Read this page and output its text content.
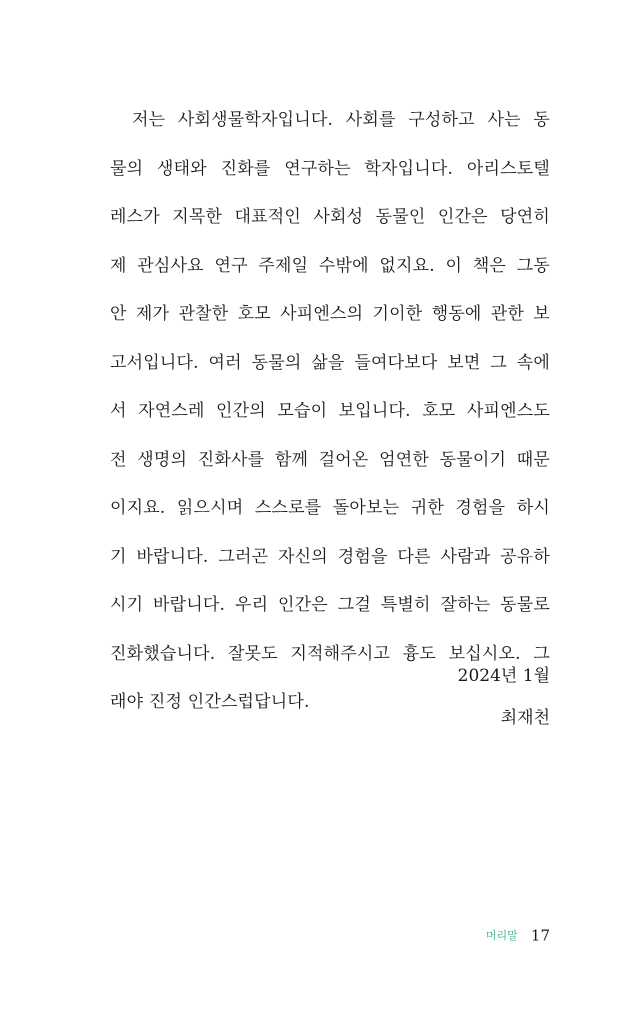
저는 사회생물학자입니다. 사회를 구성하고 사는 동
물의 생태와 진화를 연구하는 학자입니다. 아리스토텔
레스가 지목한 대표적인 사회성 동물인 인간은 당연히
제 관심사요 연구 주제일 수밖에 없지요. 이 책은 그동
안 제가 관찰한 호모 사피엔스의 기이한 행동에 관한 보
고서입니다. 여러 동물의 삶을 들여다보다 보면 그 속에
서 자연스레 인간의 모습이 보입니다. 호모 사피엔스도
전 생명의 진화사를 함께 걸어온 엄연한 동물이기 때문
이지요. 읽으시며 스스로를 돌아보는 귀한 경험을 하시
기 바랍니다. 그러곤 자신의 경험을 다른 사람과 공유하
시기 바랍니다. 우리 인간은 그걸 특별히 잘하는 동물로
진화했습니다. 잘못도 지적해주시고 흉도 보십시오. 그
래야 진정 인간스럽답니다.
2024년 1월
최재천
머리말 17
